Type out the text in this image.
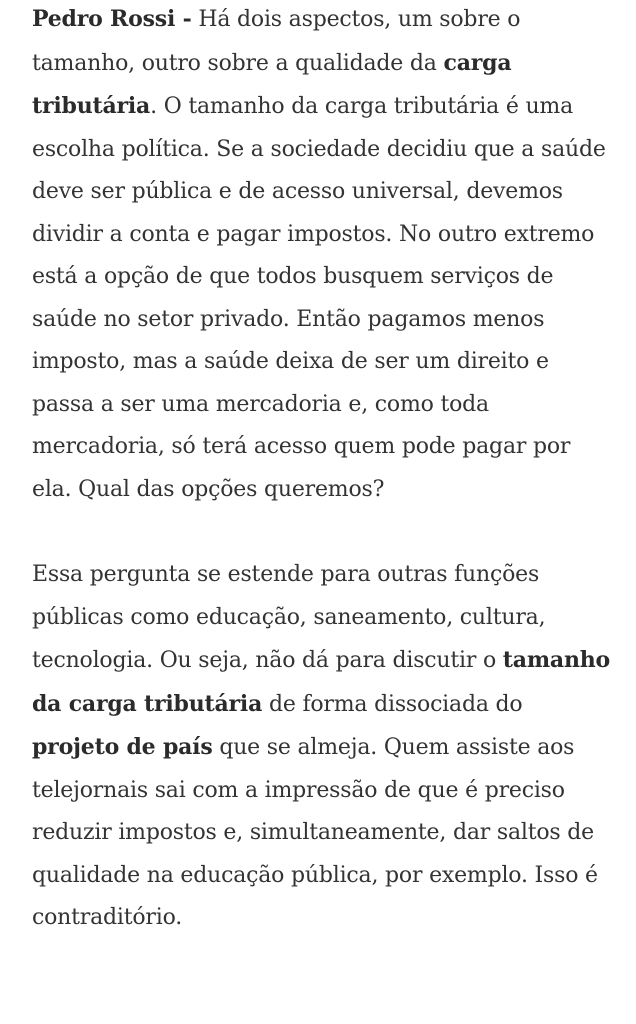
Pedro Rossi - Há dois aspectos, um sobre o tamanho, outro sobre a qualidade da carga tributária. O tamanho da carga tributária é uma escolha política. Se a sociedade decidiu que a saúde deve ser pública e de acesso universal, devemos dividir a conta e pagar impostos. No outro extremo está a opção de que todos busquem serviços de saúde no setor privado. Então pagamos menos imposto, mas a saúde deixa de ser um direito e passa a ser uma mercadoria e, como toda mercadoria, só terá acesso quem pode pagar por ela. Qual das opções queremos?

Essa pergunta se estende para outras funções públicas como educação, saneamento, cultura, tecnologia. Ou seja, não dá para discutir o tamanho da carga tributária de forma dissociada do projeto de país que se almeja. Quem assiste aos telejornais sai com a impressão de que é preciso reduzir impostos e, simultaneamente, dar saltos de qualidade na educação pública, por exemplo. Isso é contraditório.
